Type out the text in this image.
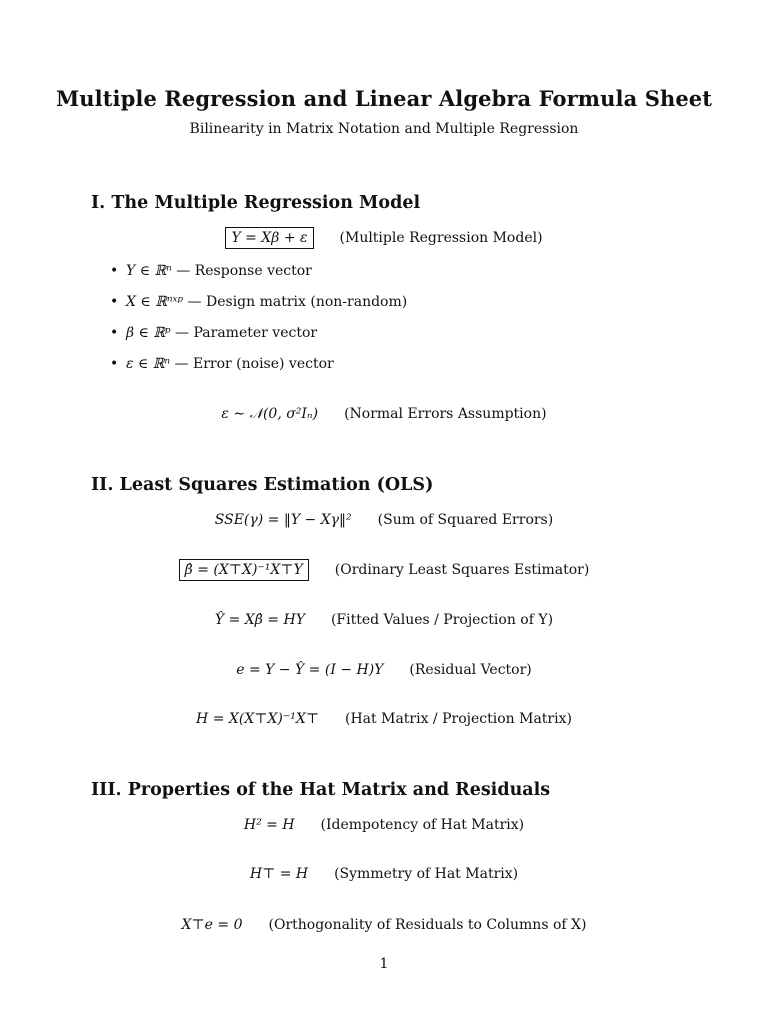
Multiple Regression and Linear Algebra Formula Sheet
Bilinearity in Matrix Notation and Multiple Regression
I. The Multiple Regression Model
Y = Xβ + ε (Multiple Regression Model)
• Y ∈ ℝⁿ — Response vector
• X ∈ ℝⁿˣᵖ — Design matrix (non-random)
• β ∈ ℝᵖ — Parameter vector
• ε ∈ ℝⁿ — Error (noise) vector
ε ∼ 𝒩(0, σ²Iₙ) (Normal Errors Assumption)
II. Least Squares Estimation (OLS)
SSE(γ) = ‖Y − Xγ‖² (Sum of Squared Errors)
β̂ = (X⊤X)⁻¹X⊤Y (Ordinary Least Squares Estimator)
Ŷ = Xβ̂ = HY (Fitted Values / Projection of Y)
e = Y − Ŷ = (I − H)Y (Residual Vector)
H = X(X⊤X)⁻¹X⊤ (Hat Matrix / Projection Matrix)
III. Properties of the Hat Matrix and Residuals
H² = H (Idempotency of Hat Matrix)
H⊤ = H (Symmetry of Hat Matrix)
X⊤e = 0 (Orthogonality of Residuals to Columns of X)
1
